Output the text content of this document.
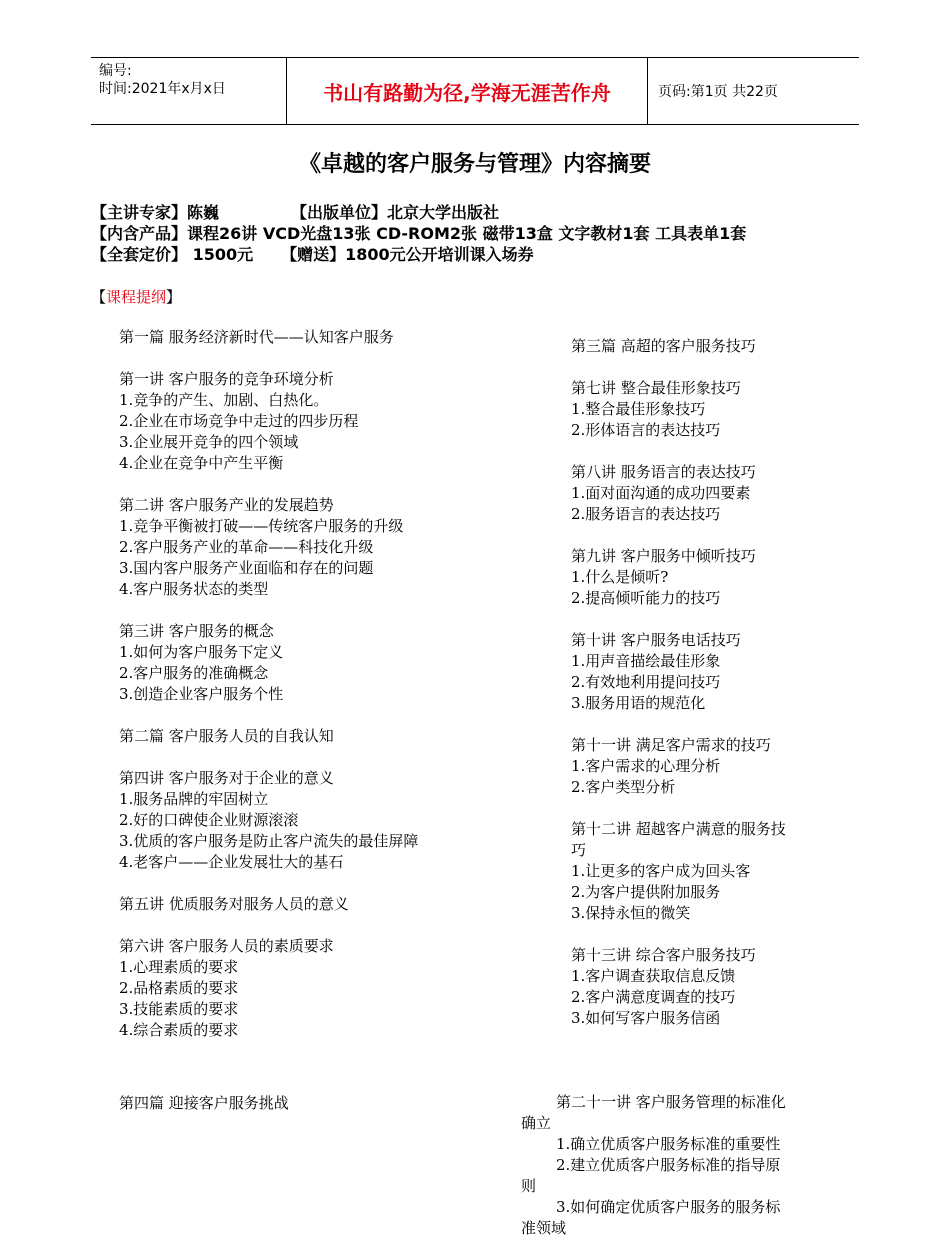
编号:
时间:2021年x月x日	书山有路勤为径,学海无涯苦作舟	页码:第1页 共22页
《卓越的客户服务与管理》内容摘要
【主讲专家】陈巍	【出版单位】北京大学出版社
【内含产品】课程26讲 VCD光盘13张 CD-ROM2张 磁带13盒 文字教材1套 工具表单1套
【全套定价】 1500元 【赠送】1800元公开培训课入场券
【课程提纲】
第一篇 服务经济新时代——认知客户服务
第一讲 客户服务的竞争环境分析
1.竞争的产生、加剧、白热化。
2.企业在市场竞争中走过的四步历程
3.企业展开竞争的四个领域
4.企业在竞争中产生平衡
第二讲 客户服务产业的发展趋势
1.竞争平衡被打破——传统客户服务的升级
2.客户服务产业的革命——科技化升级
3.国内客户服务产业面临和存在的问题
4.客户服务状态的类型
第三讲 客户服务的概念
1.如何为客户服务下定义
2.客户服务的准确概念
3.创造企业客户服务个性
第二篇 客户服务人员的自我认知
第四讲 客户服务对于企业的意义
1.服务品牌的牢固树立
2.好的口碑使企业财源滚滚
3.优质的客户服务是防止客户流失的最佳屏障
4.老客户——企业发展壮大的基石
第五讲 优质服务对服务人员的意义
第六讲 客户服务人员的素质要求
1.心理素质的要求
2.品格素质的要求
3.技能素质的要求
4.综合素质的要求
第四篇 迎接客户服务挑战
第三篇 高超的客户服务技巧
第七讲 整合最佳形象技巧
1.整合最佳形象技巧
2.形体语言的表达技巧
第八讲 服务语言的表达技巧
1.面对面沟通的成功四要素
2.服务语言的表达技巧
第九讲 客户服务中倾听技巧
1.什么是倾听?
2.提高倾听能力的技巧
第十讲 客户服务电话技巧
1.用声音描绘最佳形象
2.有效地利用提问技巧
3.服务用语的规范化
第十一讲 满足客户需求的技巧
1.客户需求的心理分析
2.客户类型分析
第十二讲 超越客户满意的服务技
巧
1.让更多的客户成为回头客
2.为客户提供附加服务
3.保持永恒的微笑
第十三讲 综合客户服务技巧
1.客户调查获取信息反馈
2.客户满意度调查的技巧
3.如何写客户服务信函
第二十一讲 客户服务管理的标准化
确立
1.确立优质客户服务标准的重要性
2.建立优质客户服务标准的指导原
则
3.如何确定优质客户服务的服务标
准领域
